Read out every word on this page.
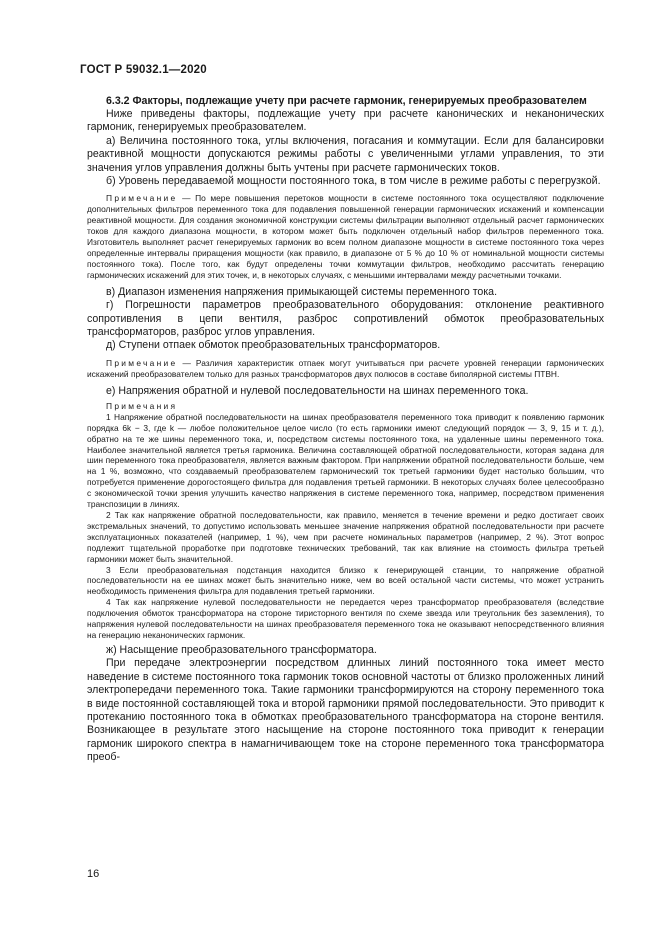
ГОСТ Р 59032.1—2020

6.3.2 Факторы, подлежащие учету при расчете гармоник, генерируемых преобразователем

Ниже приведены факторы, подлежащие учету при расчете канонических и неканонических гармоник, генерируемых преобразователем.

а) Величина постоянного тока, углы включения, погасания и коммутации. Если для балансировки реактивной мощности допускаются режимы работы с увеличенными углами управления, то эти значения углов управления должны быть учтены при расчете гармонических токов.

б) Уровень передаваемой мощности постоянного тока, в том числе в режиме работы с перегрузкой.

Примечание — По мере повышения перетоков мощности в системе постоянного тока осуществляют подключение дополнительных фильтров переменного тока для подавления повышенной генерации гармонических искажений и компенсации реактивной мощности. Для создания экономичной конструкции системы фильтрации выполняют отдельный расчет гармонических токов для каждого диапазона мощности, в котором может быть подключен отдельный набор фильтров переменного тока. Изготовитель выполняет расчет генерируемых гармоник во всем полном диапазоне мощности в системе постоянного тока через определенные интервалы приращения мощности (как правило, в диапазоне от 5 % до 10 % от номинальной мощности системы постоянного тока). После того, как будут определены точки коммутации фильтров, необходимо рассчитать генерацию гармонических искажений для этих точек, и, в некоторых случаях, с меньшими интервалами между расчетными точками.

в) Диапазон изменения напряжения примыкающей системы переменного тока.

г) Погрешности параметров преобразовательного оборудования: отклонение реактивного сопротивления в цепи вентиля, разброс сопротивлений обмоток преобразовательных трансформаторов, разброс углов управления.

д) Ступени отпаек обмоток преобразовательных трансформаторов.

Примечание — Различия характеристик отпаек могут учитываться при расчете уровней генерации гармонических искажений преобразователем только для разных трансформаторов двух полюсов в составе биполярной системы ПТВН.

е) Напряжения обратной и нулевой последовательности на шинах переменного тока.

Примечания

1 Напряжение обратной последовательности на шинах преобразователя переменного тока приводит к появлению гармоник порядка 6k − 3, где k — любое положительное целое число (то есть гармоники имеют следующий порядок — 3, 9, 15 и т. д.), обратно на те же шины переменного тока, и, посредством системы постоянного тока, на удаленные шины переменного тока. Наиболее значительной является третья гармоника. Величина составляющей обратной последовательности, которая задана для шин переменного тока преобразователя, является важным фактором. При напряжении обратной последовательности больше, чем на 1 %, возможно, что создаваемый преобразователем гармонический ток третьей гармоники будет настолько большим, что потребуется применение дорогостоящего фильтра для подавления третьей гармоники. В некоторых случаях более целесообразно с экономической точки зрения улучшить качество напряжения в системе переменного тока, например, посредством применения транспозиции в линиях.

2 Так как напряжение обратной последовательности, как правило, меняется в течение времени и редко достигает своих экстремальных значений, то допустимо использовать меньшее значение напряжения обратной последовательности при расчете эксплуатационных показателей (например, 1 %), чем при расчете номинальных параметров (например, 2 %). Этот вопрос подлежит тщательной проработке при подготовке технических требований, так как влияние на стоимость фильтра третьей гармоники может быть значительной.

3 Если преобразовательная подстанция находится близко к генерирующей станции, то напряжение обратной последовательности на ее шинах может быть значительно ниже, чем во всей остальной части системы, что может устранить необходимость применения фильтра для подавления третьей гармоники.

4 Так как напряжение нулевой последовательности не передается через трансформатор преобразователя (вследствие подключения обмоток трансформатора на стороне тиристорного вентиля по схеме звезда или треугольник без заземления), то напряжения нулевой последовательности на шинах преобразователя переменного тока не оказывают непосредственного влияния на генерацию неканонических гармоник.

ж) Насыщение преобразовательного трансформатора.

При передаче электроэнергии посредством длинных линий постоянного тока имеет место наведение в системе постоянного тока гармоник токов основной частоты от близко проложенных линий электропередачи переменного тока. Такие гармоники трансформируются на сторону переменного тока в виде постоянной составляющей тока и второй гармоники прямой последовательности. Это приводит к протеканию постоянного тока в обмотках преобразовательного трансформатора на стороне вентиля. Возникающее в результате этого насыщение на стороне постоянного тока приводит к генерации гармоник широкого спектра в намагничивающем токе на стороне переменного тока трансформатора преоб-

16
